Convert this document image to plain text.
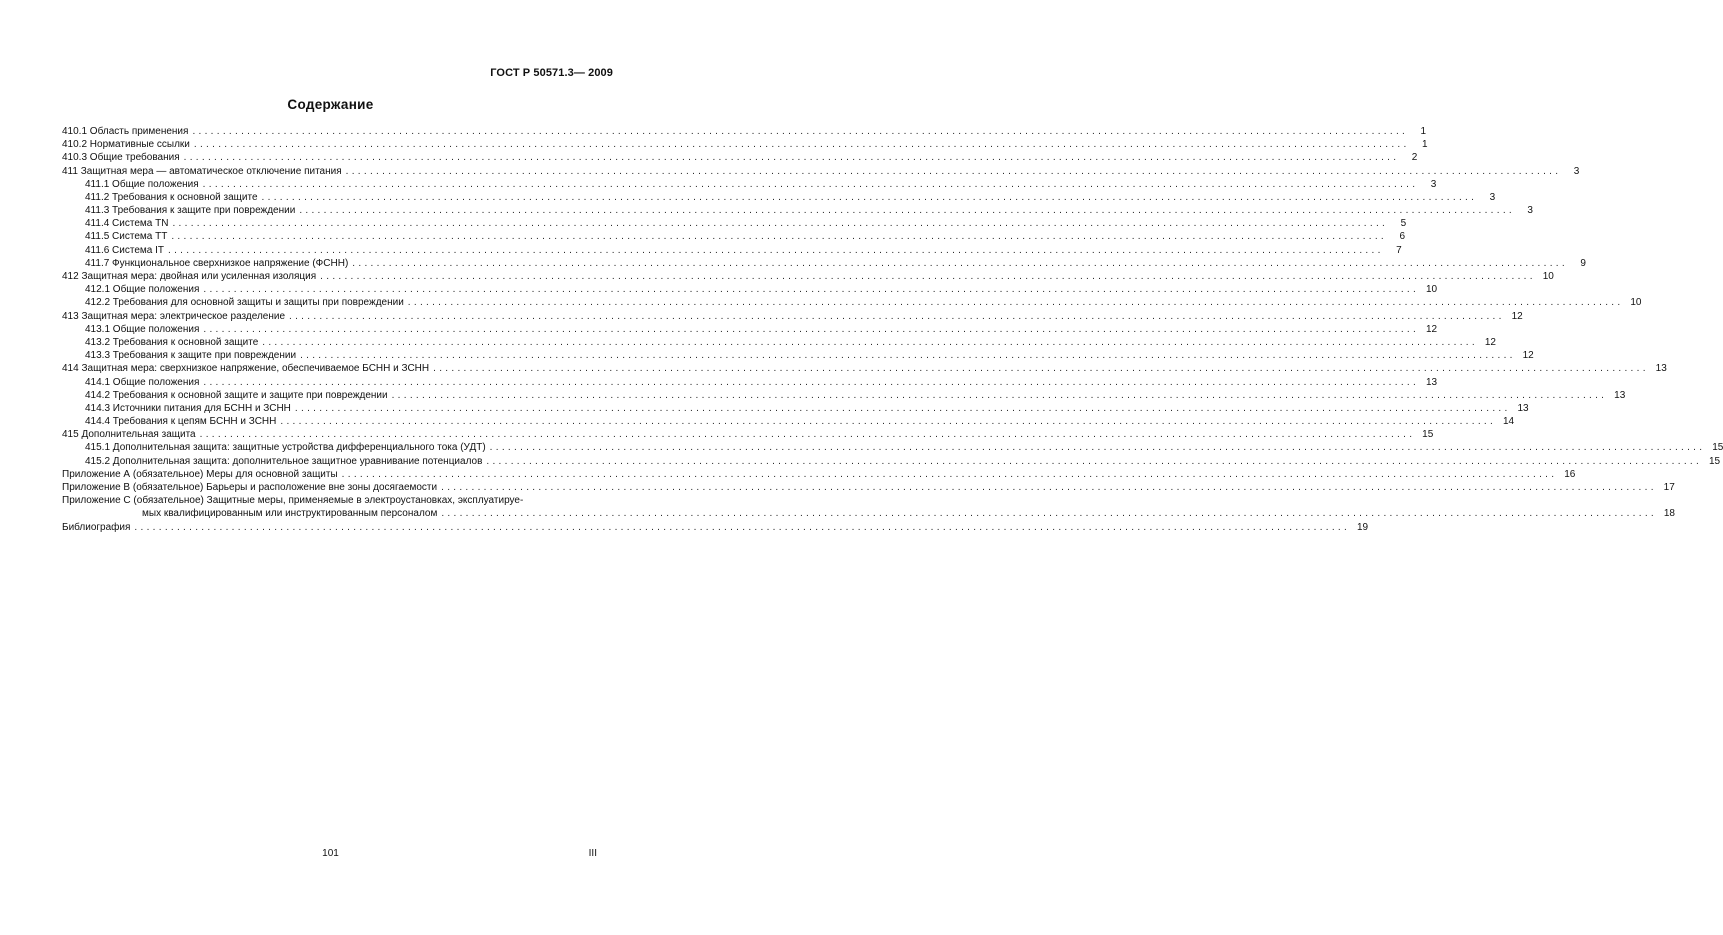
ГОСТ Р 50571.3— 2009
Содержание
410.1 Область применения ........................................................................................................................................................................................................	1
410.2 Нормативные ссылки ........................................................................................................................................................................................................	1
410.3 Общие требования ........................................................................................................................................................................................................	2
411 Защитная мера — автоматическое отключение питания ........................................................................................................................................................................................................	3
411.1 Общие положения ........................................................................................................................................................................................................	3
411.2 Требования к основной защите ........................................................................................................................................................................................................	3
411.3 Требования к защите при повреждении ........................................................................................................................................................................................................	3
411.4 Система TN ........................................................................................................................................................................................................	5
411.5 Система TT ........................................................................................................................................................................................................	6
411.6 Система IT ........................................................................................................................................................................................................	7
411.7 Функциональное сверхнизкое напряжение (ФСНН) ........................................................................................................................................................................................................	9
412 Защитная мера: двойная или усиленная изоляция ........................................................................................................................................................................................................ 10
412.1 Общие положения ........................................................................................................................................................................................................ 10
412.2 Требования для основной защиты и защиты при повреждении ........................................................................................................................................................................................................ 10
413 Защитная мера: электрическое разделение ........................................................................................................................................................................................................ 12
413.1 Общие положения ........................................................................................................................................................................................................ 12
413.2 Требования к основной защите ........................................................................................................................................................................................................ 12
413.3 Требования к защите при повреждении ........................................................................................................................................................................................................ 12
414 Защитная мера: сверхнизкое напряжение, обеспечиваемое БСНН и ЗСНН ........................................................................................................................................................................................................ 13
414.1 Общие положения ........................................................................................................................................................................................................ 13
414.2 Требования к основной защите и защите при повреждении ........................................................................................................................................................................................................ 13
414.3 Источники питания для БСНН и ЗСНН ........................................................................................................................................................................................................ 13
414.4 Требования к цепям БСНН и ЗСНН ........................................................................................................................................................................................................ 14
415 Дополнительная защита ........................................................................................................................................................................................................ 15
415.1 Дополнительная защита: защитные устройства дифференциального тока (УДТ) ........................................................................................................................................................................................................ 15
415.2 Дополнительная защита: дополнительное защитное уравнивание потенциалов ........................................................................................................................................................................................................ 15
Приложение А (обязательное) Меры для основной защиты ........................................................................................................................................................................................................ 16
Приложение В (обязательное) Барьеры и расположение вне зоны досягаемости ........................................................................................................................................................................................................ 17
Приложение С (обязательное) Защитные меры, применяемые в электроустановках, эксплуатируе-
мых квалифицированным или инструктированным персоналом ........................................................................................................................................................................................................ 18
Библиография ........................................................................................................................................................................................................ 19
101	III
